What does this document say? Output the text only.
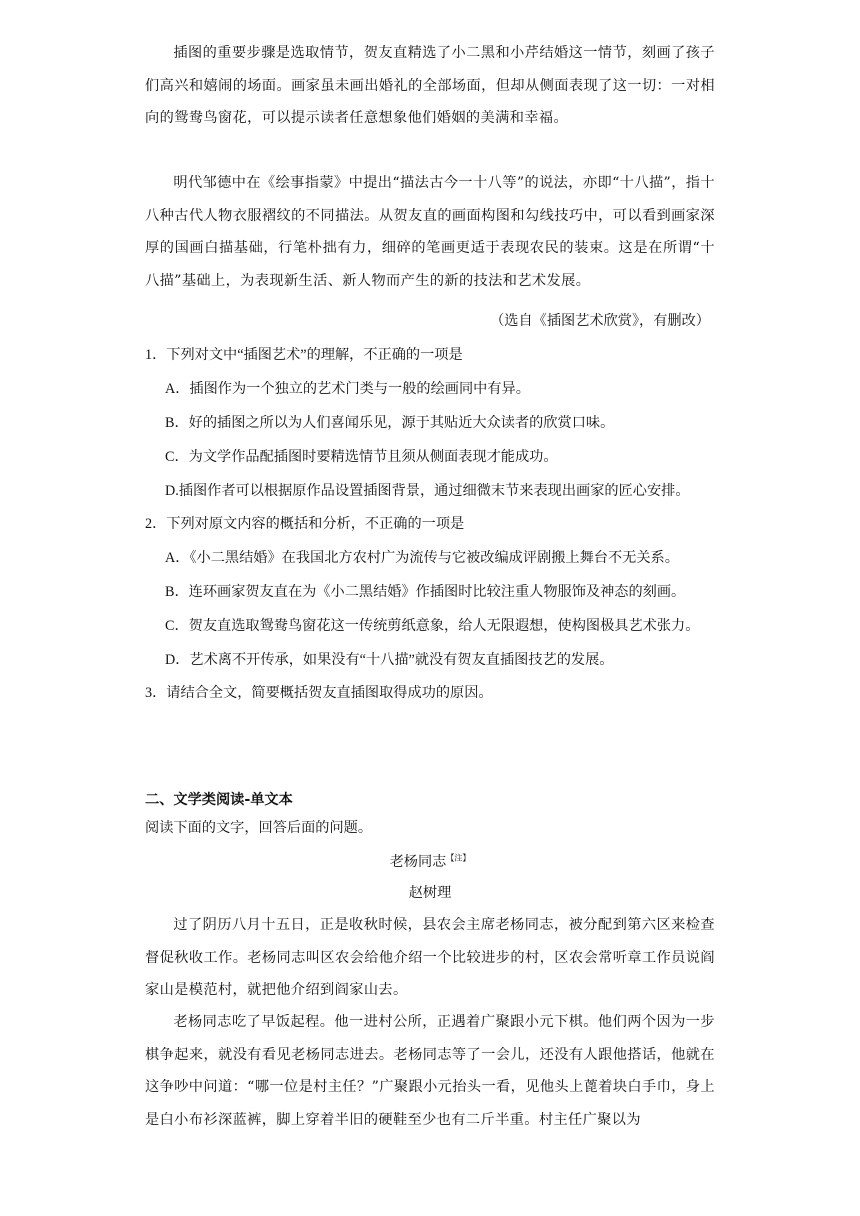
插图的重要步骤是选取情节，贺友直精选了小二黑和小芹结婚这一情节，刻画了孩子们高兴和嬉闹的场面。画家虽未画出婚礼的全部场面，但却从侧面表现了这一切：一对相向的鸳鸯鸟窗花，可以提示读者任意想象他们婚姻的美满和幸福。

明代邹德中在《绘事指蒙》中提出“描法古今一十八等”的说法，亦即“十八描”，指十八种古代人物衣服褶纹的不同描法。从贺友直的画面构图和勾线技巧中，可以看到画家深厚的国画白描基础，行笔朴拙有力，细碎的笔画更适于表现农民的装束。这是在所谓“十八描”基础上，为表现新生活、新人物而产生的新的技法和艺术发展。

（选自《插图艺术欣赏》，有删改）

1．下列对文中“插图艺术”的理解，不正确的一项是

A．插图作为一个独立的艺术门类与一般的绘画同中有异。

B．好的插图之所以为人们喜闻乐见，源于其贴近大众读者的欣赏口味。

C．为文学作品配插图时要精选情节且须从侧面表现才能成功。

D.插图作者可以根据原作品设置插图背景，通过细微末节来表现出画家的匠心安排。

2．下列对原文内容的概括和分析，不正确的一项是

A．《小二黑结婚》在我国北方农村广为流传与它被改编成评剧搬上舞台不无关系。

B．连环画家贺友直在为《小二黑结婚》作插图时比较注重人物服饰及神态的刻画。

C．贺友直选取鸳鸯鸟窗花这一传统剪纸意象，给人无限遐想，使构图极具艺术张力。

D．艺术离不开传承，如果没有“十八描”就没有贺友直插图技艺的发展。

3．请结合全文，简要概括贺友直插图取得成功的原因。

二、文学类阅读-单文本

阅读下面的文字，回答后面的问题。

老杨同志$^{【注】}$

赵树理

过了阴历八月十五日，正是收秋时候，县农会主席老杨同志，被分配到第六区来检查督促秋收工作。老杨同志叫区农会给他介绍一个比较进步的村，区农会常听章工作员说阎家山是模范村，就把他介绍到阎家山去。

老杨同志吃了早饭起程。他一进村公所，正遇着广聚跟小元下棋。他们两个因为一步棋争起来，就没有看见老杨同志进去。老杨同志等了一会儿，还没有人跟他搭话，他就在这争吵中问道：“哪一位是村主任？”广聚跟小元抬头一看，见他头上蓖着块白手巾，身上是白小布衫深蓝裤，脚上穿着半旧的硬鞋至少也有二斤半重。村主任广聚以为
